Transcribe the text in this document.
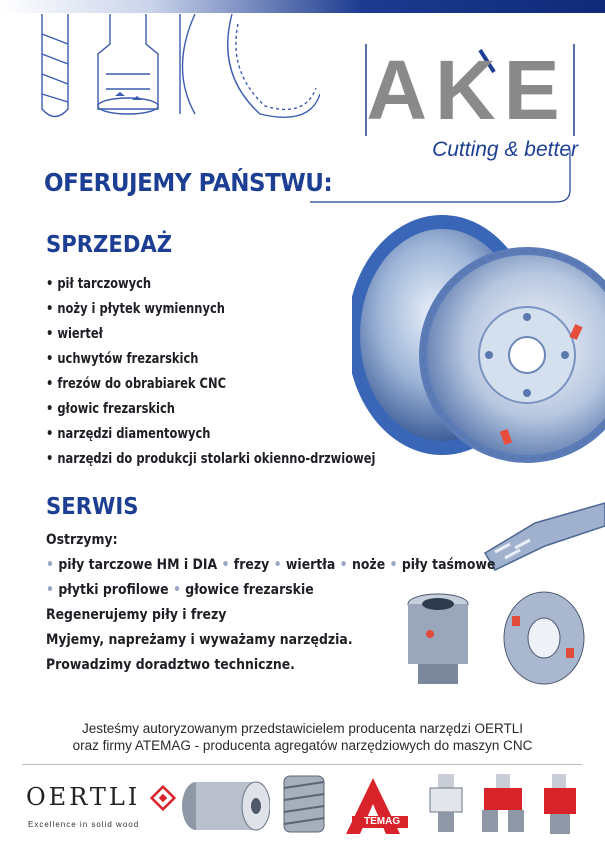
AKE
Cutting & better
OFERUJEMY PAŃSTWU:
SPRZEDAŻ
• pił tarczowych
• noży i płytek wymiennych
• wierteł
• uchwytów frezarskich
• frezów do obrabiarek CNC
• głowic frezarskich
• narzędzi diamentowych
• narzędzi do produkcji stolarki okienno-drzwiowej
SERWIS
Ostrzymy:
• piły tarczowe HM i DIA • frezy • wiertła • noże • piły taśmowe
• płytki profilowe • głowice frezarskie
Regenerujemy piły i frezy
Myjemy, napreżamy i wyważamy narzędzia.
Prowadzimy doradztwo techniczne.
Jesteśmy autoryzowanym przedstawicielem producenta narzędzi OERTLI
oraz firmy ATEMAG - producenta agregatów narzędziowych do maszyn CNC
OERTLI
Excellence in solid wood	TEMAG
